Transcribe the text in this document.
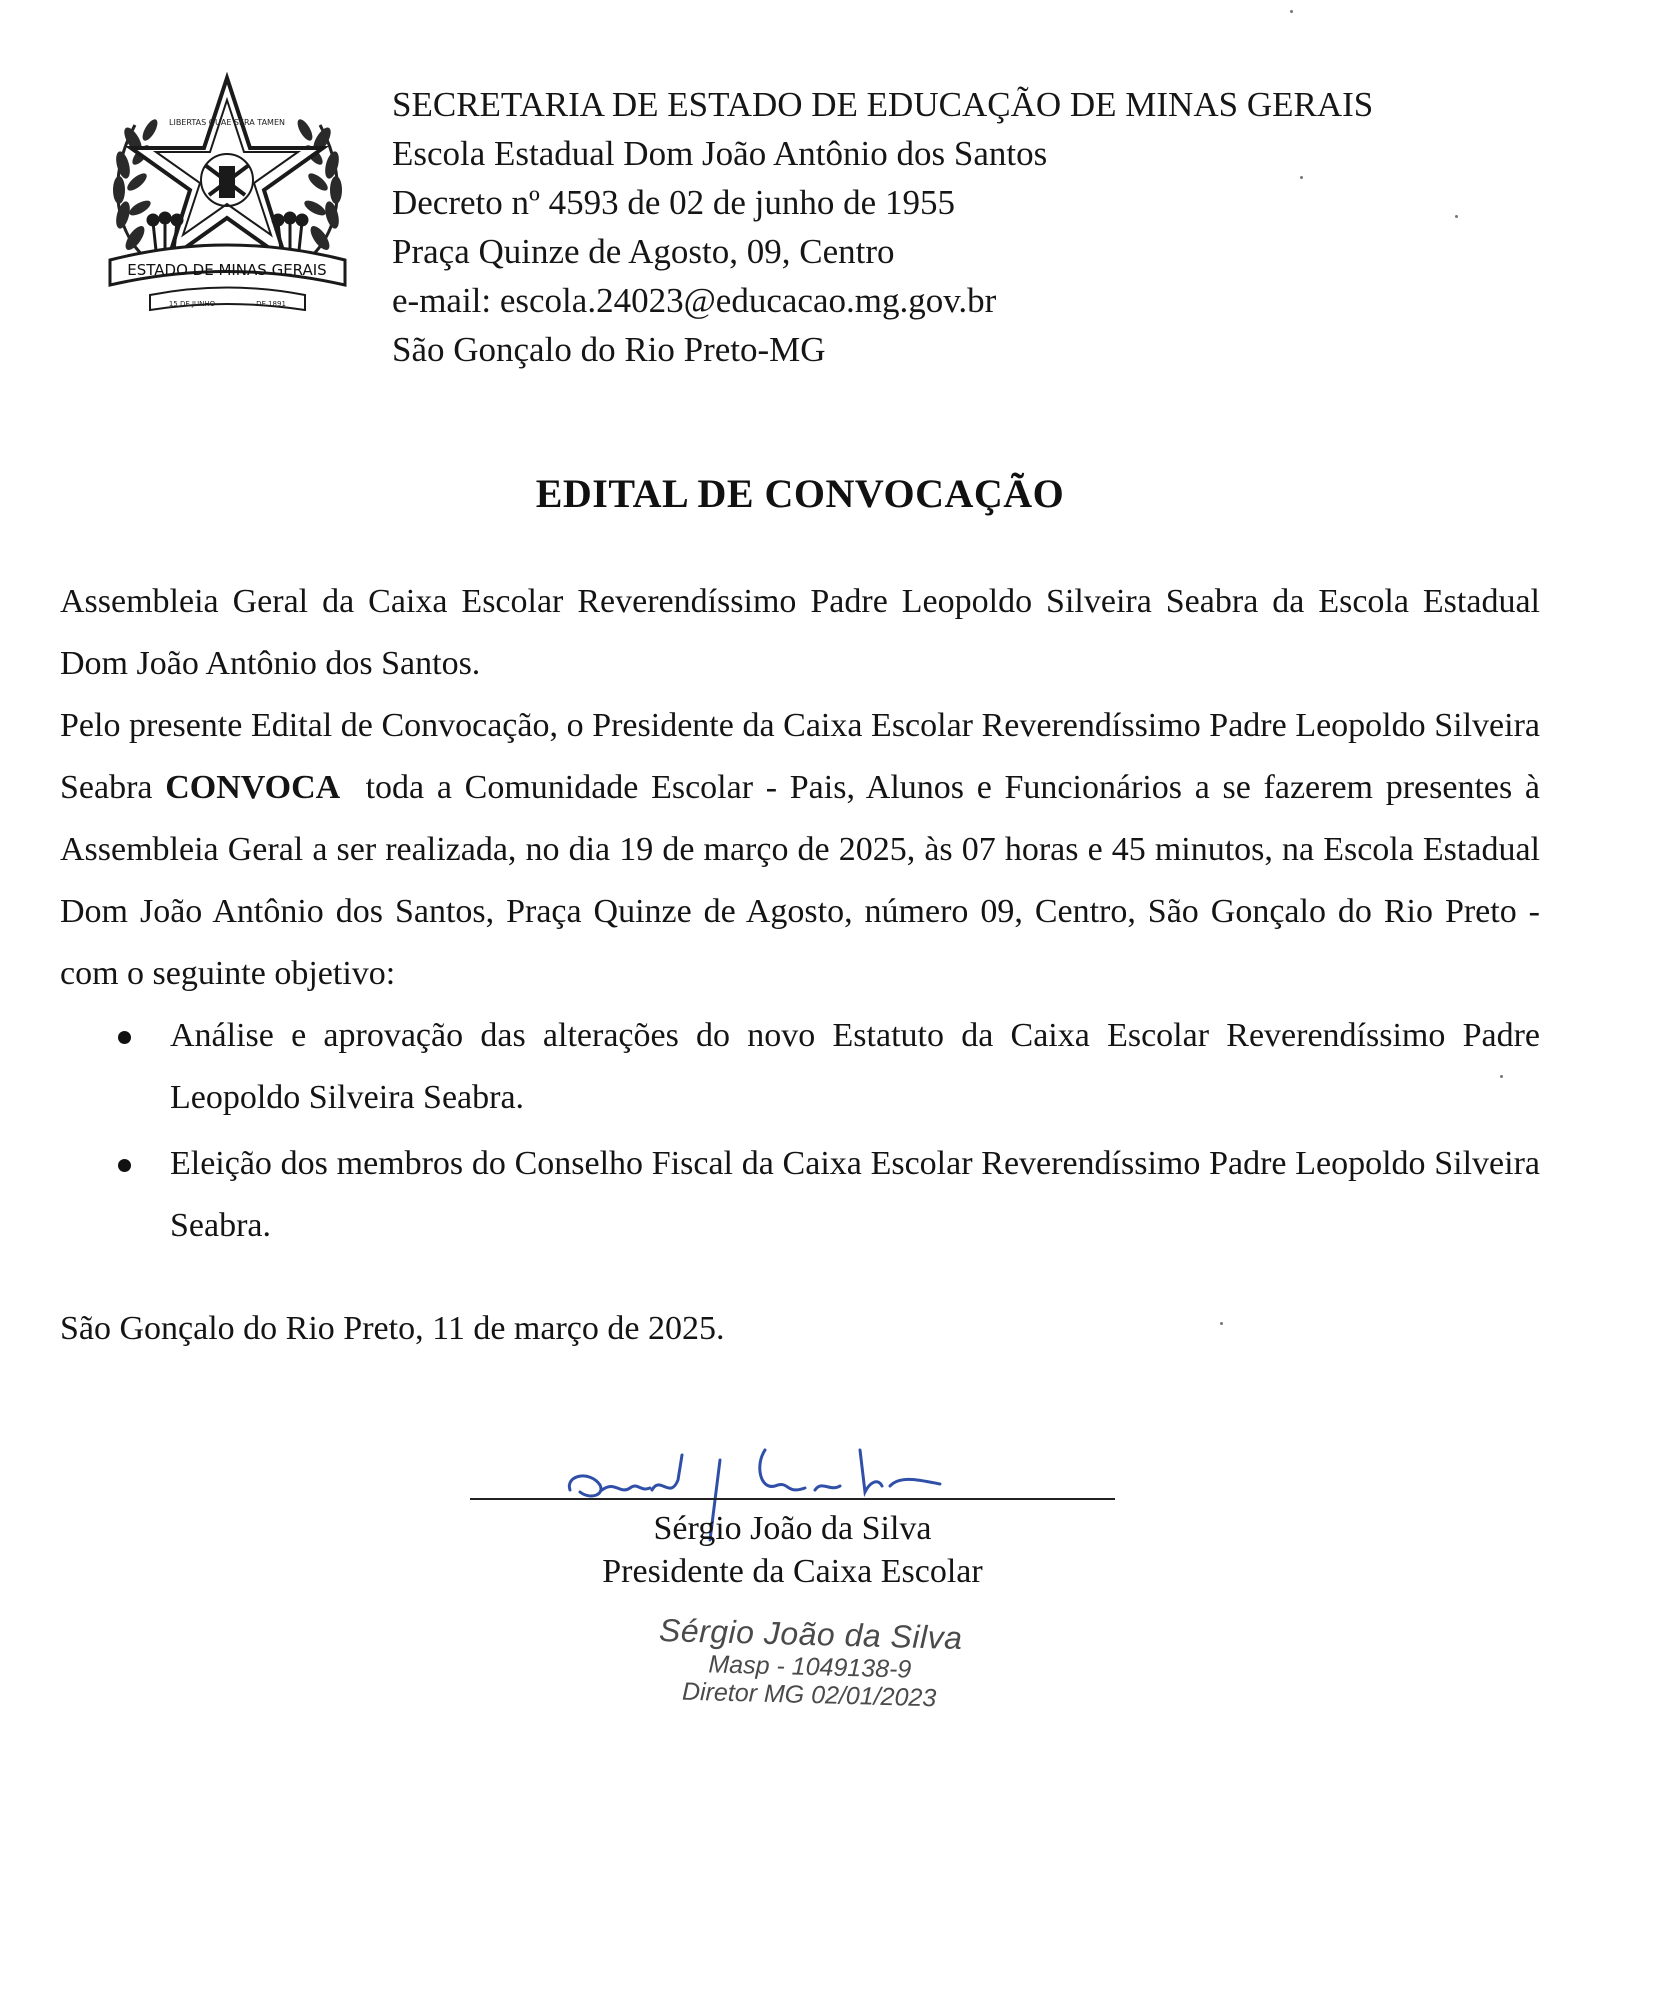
LIBERTAS QUAE SERA TAMEN
ESTADO DE MINAS GERAIS
15 DE JUNHO	DE 1891
SECRETARIA DE ESTADO DE EDUCAÇÃO DE MINAS GERAIS
Escola Estadual Dom João Antônio dos Santos
Decreto nº 4593 de 02 de junho de 1955
Praça Quinze de Agosto, 09, Centro
e-mail: escola.24023@educacao.mg.gov.br
São Gonçalo do Rio Preto-MG
EDITAL DE CONVOCAÇÃO

Assembleia Geral da Caixa Escolar Reverendíssimo Padre Leopoldo Silveira Seabra da Escola Estadual Dom João Antônio dos Santos.

Pelo presente Edital de Convocação, o Presidente da Caixa Escolar Reverendíssimo Padre Leopoldo Silveira Seabra CONVOCA toda a Comunidade Escolar - Pais, Alunos e Funcionários a se fazerem presentes à Assembleia Geral a ser realizada, no dia 19 de março de 2025, às 07 horas e 45 minutos, na Escola Estadual Dom João Antônio dos Santos, Praça Quinze de Agosto, número 09, Centro, São Gonçalo do Rio Preto - com o seguinte objetivo:

Análise e aprovação das alterações do novo Estatuto da Caixa Escolar Reverendíssimo Padre Leopoldo Silveira Seabra.
Eleição dos membros do Conselho Fiscal da Caixa Escolar Reverendíssimo Padre Leopoldo Silveira Seabra.
São Gonçalo do Rio Preto, 11 de março de 2025.
Sérgio João da Silva
Presidente da Caixa Escolar
Sérgio João da Silva
Masp - 1049138-9
Diretor MG 02/01/2023
